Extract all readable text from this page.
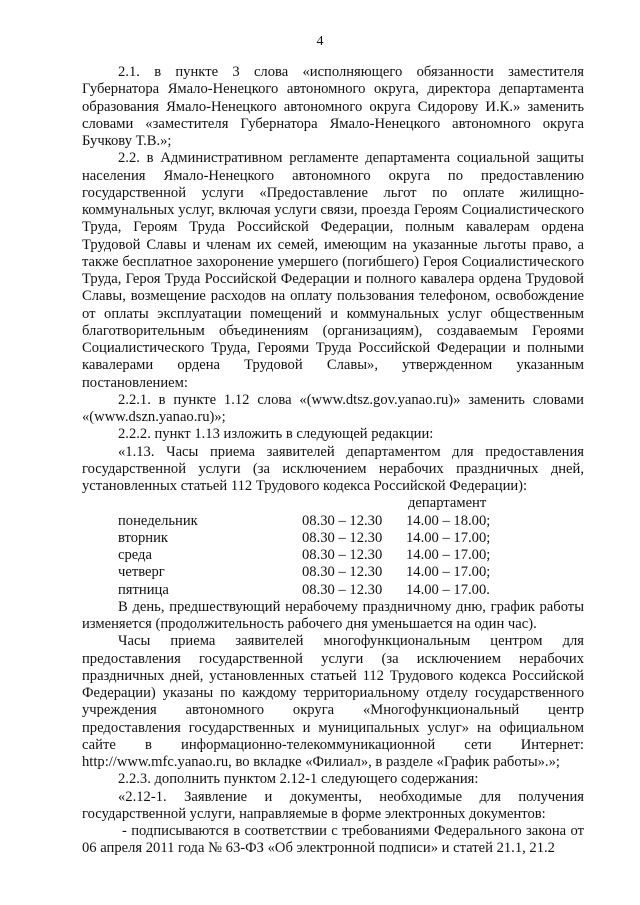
4

2.1. в пункте 3 слова «исполняющего обязанности заместителя Губернатора Ямало-Ненецкого автономного округа, директора департамента образования Ямало-Ненецкого автономного округа Сидорову И.К.» заменить словами «заместителя Губернатора Ямало-Ненецкого автономного округа Бучкову Т.В.»;

2.2. в Административном регламенте департамента социальной защиты населения Ямало-Ненецкого автономного округа по предоставлению государственной услуги «Предоставление льгот по оплате жилищно-коммунальных услуг, включая услуги связи, проезда Героям Социалистического Труда, Героям Труда Российской Федерации, полным кавалерам ордена Трудовой Славы и членам их семей, имеющим на указанные льготы право, а также бесплатное захоронение умершего (погибшего) Героя Социалистического Труда, Героя Труда Российской Федерации и полного кавалера ордена Трудовой Славы, возмещение расходов на оплату пользования телефоном, освобождение от оплаты эксплуатации помещений и коммунальных услуг общественным благотворительным объединениям (организациям), создаваемым Героями Социалистического Труда, Героями Труда Российской Федерации и полными кавалерами ордена Трудовой Славы», утвержденном указанным постановлением:

2.2.1. в пункте 1.12 слова «(www.dtsz.gov.yanao.ru)» заменить словами «(www.dszn.yanao.ru)»;

2.2.2. пункт 1.13 изложить в следующей редакции:

«1.13. Часы приема заявителей департаментом для предоставления государственной услуги (за исключением нерабочих праздничных дней, установленных статьей 112 Трудового кодекса Российской Федерации):

департамент

понедельник	08.30 – 12.30	14.00 – 18.00;
вторник	08.30 – 12.30	14.00 – 17.00;
среда	08.30 – 12.30	14.00 – 17.00;
четверг	08.30 – 12.30	14.00 – 17.00;
пятница	08.30 – 12.30	14.00 – 17.00.

В день, предшествующий нерабочему праздничному дню, график работы изменяется (продолжительность рабочего дня уменьшается на один час).

Часы приема заявителей многофункциональным центром для предоставления государственной услуги (за исключением нерабочих праздничных дней, установленных статьей 112 Трудового кодекса Российской Федерации) указаны по каждому территориальному отделу государственного учреждения автономного округа «Многофункциональный центр предоставления государственных и муниципальных услуг» на официальном сайте в информационно-телекоммуникационной сети Интернет: http://www.mfc.yanao.ru, во вкладке «Филиал», в разделе «График работы».»;

2.2.3. дополнить пунктом 2.12-1 следующего содержания:

«2.12-1. Заявление и документы, необходимые для получения государственной услуги, направляемые в форме электронных документов:

- подписываются в соответствии с требованиями Федерального закона от 06 апреля 2011 года № 63-ФЗ «Об электронной подписи» и статей 21.1, 21.2
